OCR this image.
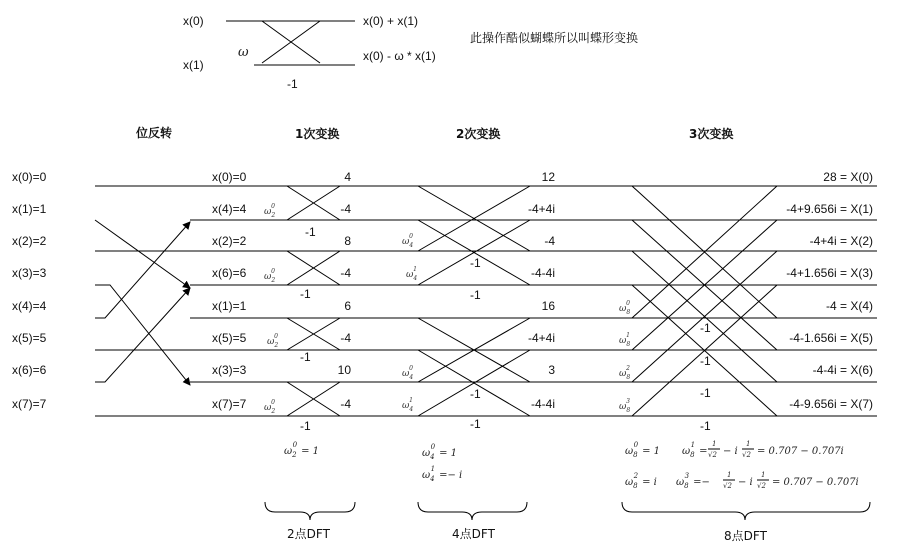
x(0)
x(1)
ω
-1
x(0) + x(1)
x(0) - ω * x(1)
此操作酷似蝴蝶所以叫蝶形变换
位反转	1次变换	2次变换	3次变换
x(0)=0
x(1)=1
x(2)=2
x(3)=3
x(4)=4
x(5)=5
x(6)=6
x(7)=7
x(0)=0
x(4)=4
x(2)=2
x(6)=6
x(1)=1
x(5)=5
x(3)=3
x(7)=7
$\omega_20$
$\omega_20$
$\omega_20$
$\omega_20$
-1
-1
-1
-1
4
-4
8
-4
6
-4
10
-4
$\omega_40$
$\omega_41$
$\omega_40$
$\omega_41$
-1
-1
-1
-1
12
-4+4i
-4
-4-4i
16
-4+4i
3
-4-4i
$\omega_80$
$\omega_81$
$\omega_82$
$\omega_83$
-1
-1
-1
-1
28 = X(0)
-4+9.656i = X(1)
-4+4i = X(2)
-4+1.656i = X(3)
-4 = X(4)
-4-1.656i = X(5)
-4-4i = X(6)
-4-9.656i = X(7)
$\omega_20= 1$	$\omega_40= 1$
$\omega_41=- i$
$\omega_80= 1$ $\omega_81=$
1
√2 − i
1
√2 = 0.707 − 0.707i
$\omega_82= i$ $\omega_83=-$
1
√2 − i
1
√2 = 0.707 − 0.707i
2点DFT	4点DFT	8点DFT
